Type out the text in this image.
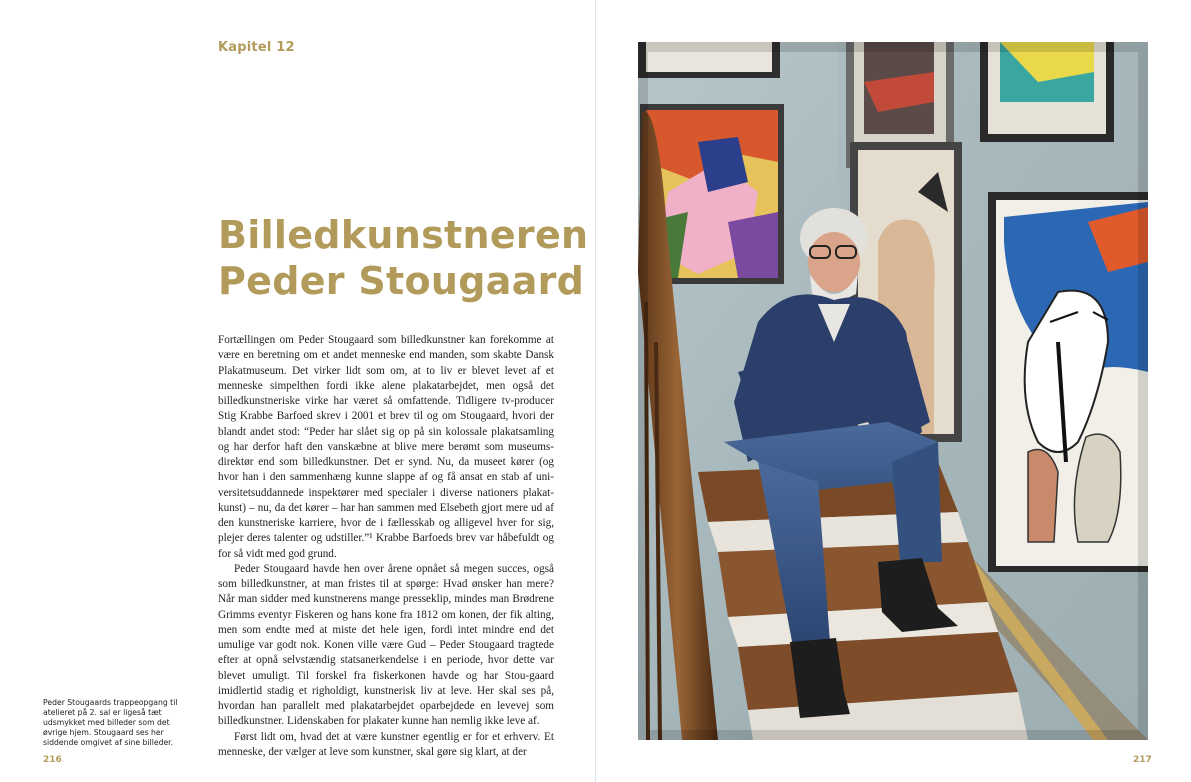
Kapitel 12
Billedkunstneren
Peder Stougaard

Fortællingen om Peder Stougaard som billedkunstner kan forekomme at være en beretning om et andet menneske end manden, som skabte Dansk Plakatmuseum. Det virker lidt som om, at to liv er blevet levet af et menneske simpelthen fordi ikke alene plakatarbejdet, men også det billedkunstneriske virke har været så omfattende. Tidligere tv-producer Stig Krabbe Barfoed skrev i 2001 et brev til og om Stougaard, hvori der blandt andet stod: “Peder har slået sig op på sin kolossale plakatsamling og har derfor haft den vanskæbne at blive mere berømt som museums-direktør end som billedkunstner. Det er synd. Nu, da museet kører (og hvor han i den sammenhæng kunne slappe af og få ansat en stab af uni-versitetsuddannede inspektører med specialer i diverse nationers plakat-kunst) – nu, da det kører – har han sammen med Elsebeth gjort mere ud af den kunstneriske karriere, hvor de i fællesskab og alligevel hver for sig, plejer deres talenter og udstiller.”¹ Krabbe Barfoeds brev var håbefuldt og for så vidt med god grund.

Peder Stougaard havde hen over årene opnået så megen succes, også som billedkunstner, at man fristes til at spørge: Hvad ønsker han mere? Når man sidder med kunstnerens mange presseklip, mindes man Brødrene Grimms eventyr Fiskeren og hans kone fra 1812 om konen, der fik alting, men som endte med at miste det hele igen, fordi intet mindre end det umulige var godt nok. Konen ville være Gud – Peder Stougaard tragtede efter at opnå selvstændig statsanerkendelse i en periode, hvor dette var blevet umuligt. Til forskel fra fiskerkonen havde og har Stou-gaard imidlertid stadig et righoldigt, kunstnerisk liv at leve. Her skal ses på, hvordan han parallelt med plakatarbejdet oparbejdede en levevej som billedkunstner. Lidenskaben for plakater kunne han nemlig ikke leve af.

Først lidt om, hvad det at være kunstner egentlig er for et erhverv. Et menneske, der vælger at leve som kunstner, skal gøre sig klart, at der

Peder Stougaards trappeopgang til atelieret på 2. sal er ligeså tæt udsmykket med billeder som det øvrige hjem. Stougaard ses her siddende omgivet af sine billeder.
216	217
